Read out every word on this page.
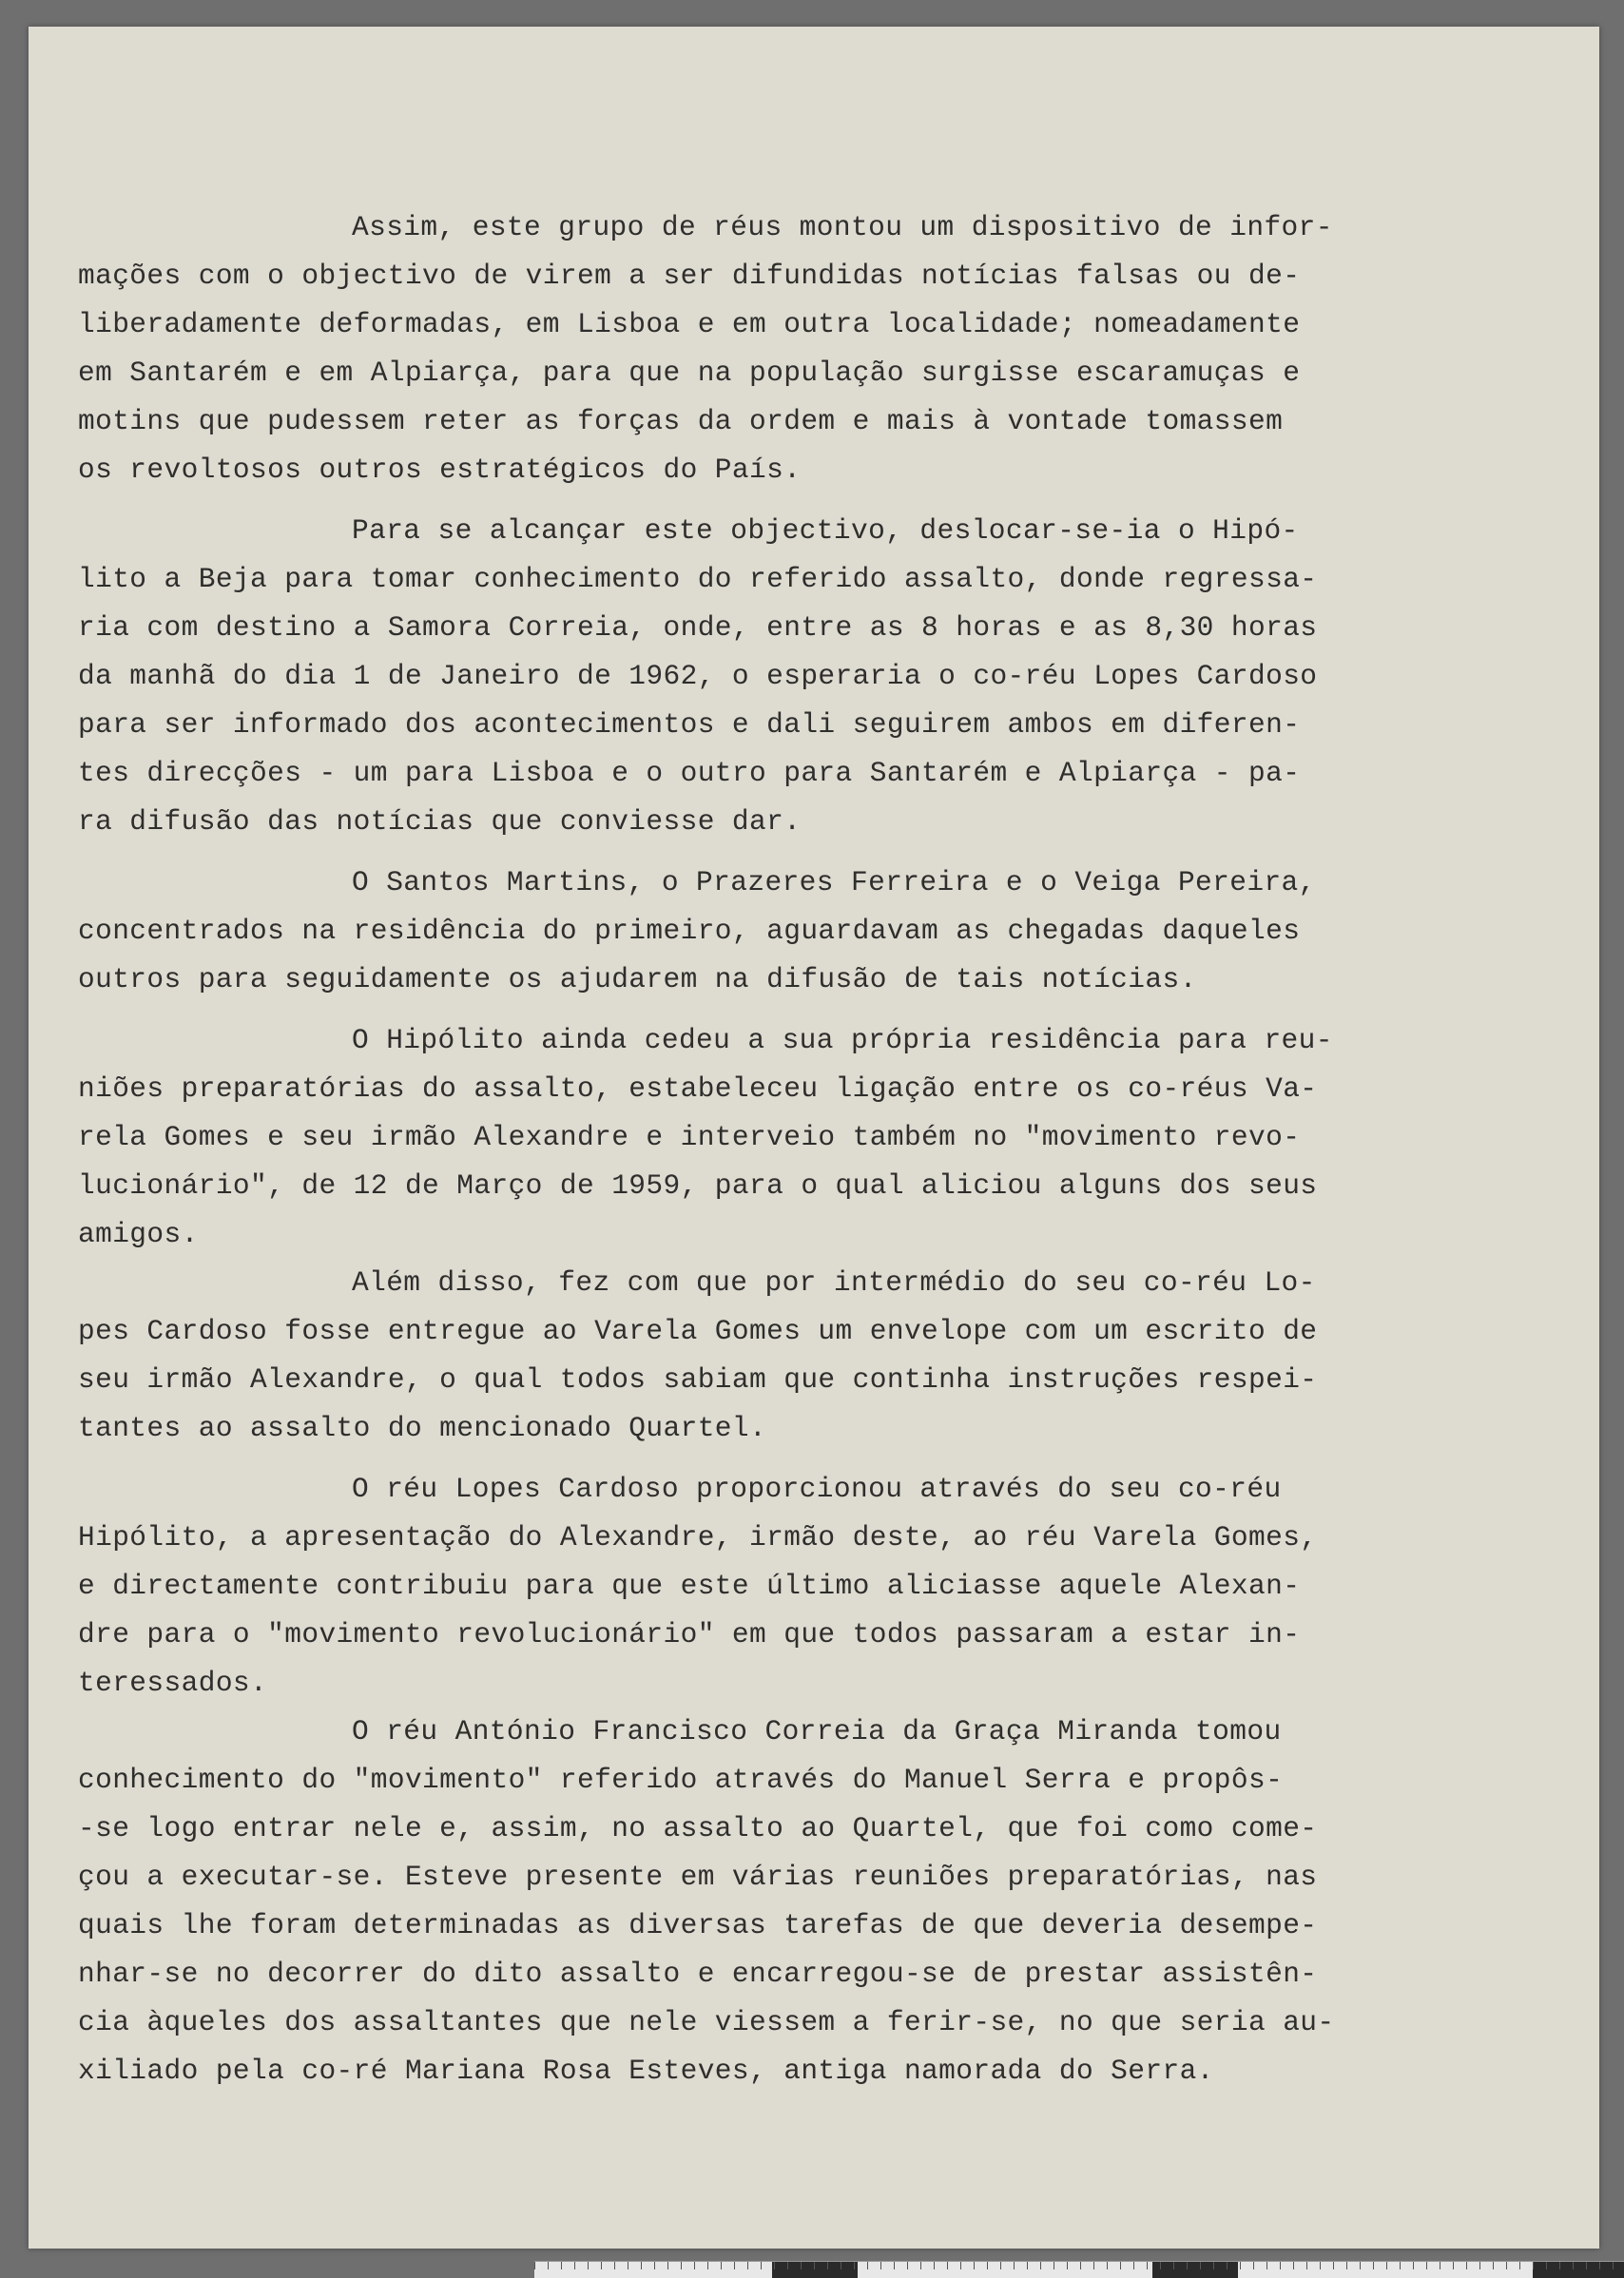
Assim, este grupo de réus montou um dispositivo de infor-
mações com o objectivo de virem a ser difundidas notícias falsas ou de-
liberadamente deformadas, em Lisboa e em outra localidade; nomeadamente
em Santarém e em Alpiarça, para que na população surgisse escaramuças e
motins que pudessem reter as forças da ordem e mais à vontade tomassem
os revoltosos outros estratégicos do País.
Para se alcançar este objectivo, deslocar-se-ia o Hipó-
lito a Beja para tomar conhecimento do referido assalto, donde regressa-
ria com destino a Samora Correia, onde, entre as 8 horas e as 8,30 horas
da manhã do dia 1 de Janeiro de 1962, o esperaria o co-réu Lopes Cardoso
para ser informado dos acontecimentos e dali seguirem ambos em diferen-
tes direcções - um para Lisboa e o outro para Santarém e Alpiarça - pa-
ra difusão das notícias que conviesse dar.
O Santos Martins, o Prazeres Ferreira e o Veiga Pereira,
concentrados na residência do primeiro, aguardavam as chegadas daqueles
outros para seguidamente os ajudarem na difusão de tais notícias.
O Hipólito ainda cedeu a sua própria residência para reu-
niões preparatórias do assalto, estabeleceu ligação entre os co-réus Va-
rela Gomes e seu irmão Alexandre e interveio também no "movimento revo-
lucionário", de 12 de Março de 1959, para o qual aliciou alguns dos seus
amigos.
Além disso, fez com que por intermédio do seu co-réu Lo-
pes Cardoso fosse entregue ao Varela Gomes um envelope com um escrito de
seu irmão Alexandre, o qual todos sabiam que continha instruções respei-
tantes ao assalto do mencionado Quartel.
O réu Lopes Cardoso proporcionou através do seu co-réu
Hipólito, a apresentação do Alexandre, irmão deste, ao réu Varela Gomes,
e directamente contribuiu para que este último aliciasse aquele Alexan-
dre para o "movimento revolucionário" em que todos passaram a estar in-
teressados.
O réu António Francisco Correia da Graça Miranda tomou
conhecimento do "movimento" referido através do Manuel Serra e propôs-
-se logo entrar nele e, assim, no assalto ao Quartel, que foi como come-
çou a executar-se. Esteve presente em várias reuniões preparatórias, nas
quais lhe foram determinadas as diversas tarefas de que deveria desempe-
nhar-se no decorrer do dito assalto e encarregou-se de prestar assistên-
cia àqueles dos assaltantes que nele viessem a ferir-se, no que seria au-
xiliado pela co-ré Mariana Rosa Esteves, antiga namorada do Serra.
